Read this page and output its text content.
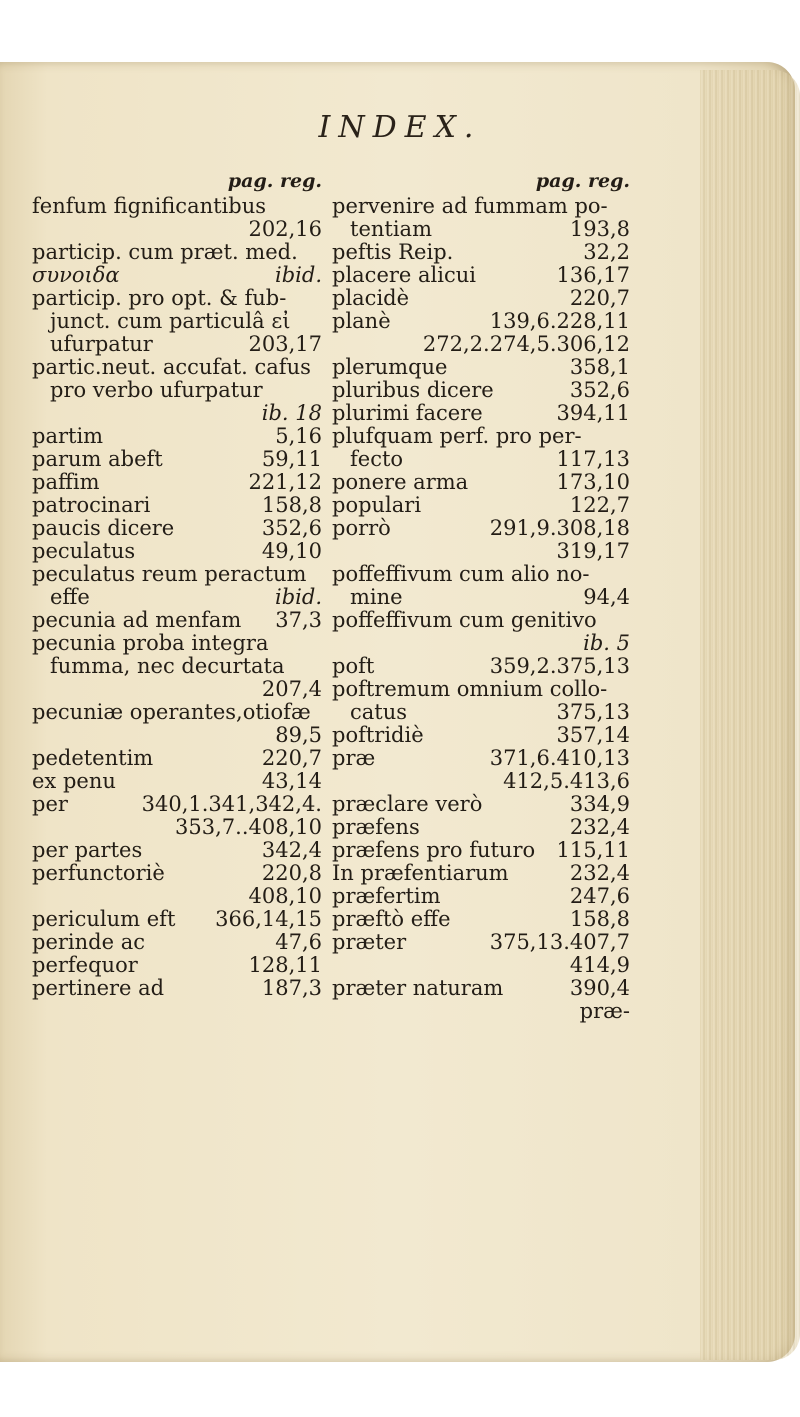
INDEX.
pag. reg.
fenfum fignificantibus
202,16
particip. cum præt. med.
συνοιδα	ibid.
particip. pro opt. & fub-
junct. cum particulâ εἰ
ufurpatur	203,17
partic.neut. accufat. cafus
pro verbo ufurpatur
ib. 18
partim	5,16
parum abeft	59,11
paffim	221,12
patrocinari	158,8
paucis dicere	352,6
peculatus	49,10
peculatus reum peractum
effe	ibid.
pecunia ad menfam 37,3
pecunia proba integra
fumma, nec decurtata
207,4
pecuniæ operantes,otiofæ
89,5
pedetentim	220,7
ex penu	43,14
per	340,1.341,342,4.
353,7..408,10
per partes	342,4
perfunctoriè	220,8
408,10
periculum eft 366,14,15
perinde ac	47,6
perfequor	128,11
pertinere ad	187,3
pag. reg.
pervenire ad fummam po-
tentiam	193,8
peftis Reip.	32,2
placere alicui	136,17
placidè	220,7
planè	139,6.228,11
272,2.274,5.306,12
plerumque	358,1
pluribus dicere	352,6
plurimi facere	394,11
plufquam perf. pro per-
fecto	117,13
ponere arma	173,10
populari	122,7
porrò	291,9.308,18
319,17
poffeffivum cum alio no-
mine	94,4
poffeffivum cum genitivo
ib. 5
poft	359,2.375,13
poftremum omnium collo-
catus	375,13
poftridiè	357,14
præ	371,6.410,13
412,5.413,6
præclare verò	334,9
præfens	232,4
præfens pro futuro 115,11
In præfentiarum	232,4
præfertim	247,6
præftò effe	158,8
præter	375,13.407,7
414,9
præter naturam	390,4
præ-
